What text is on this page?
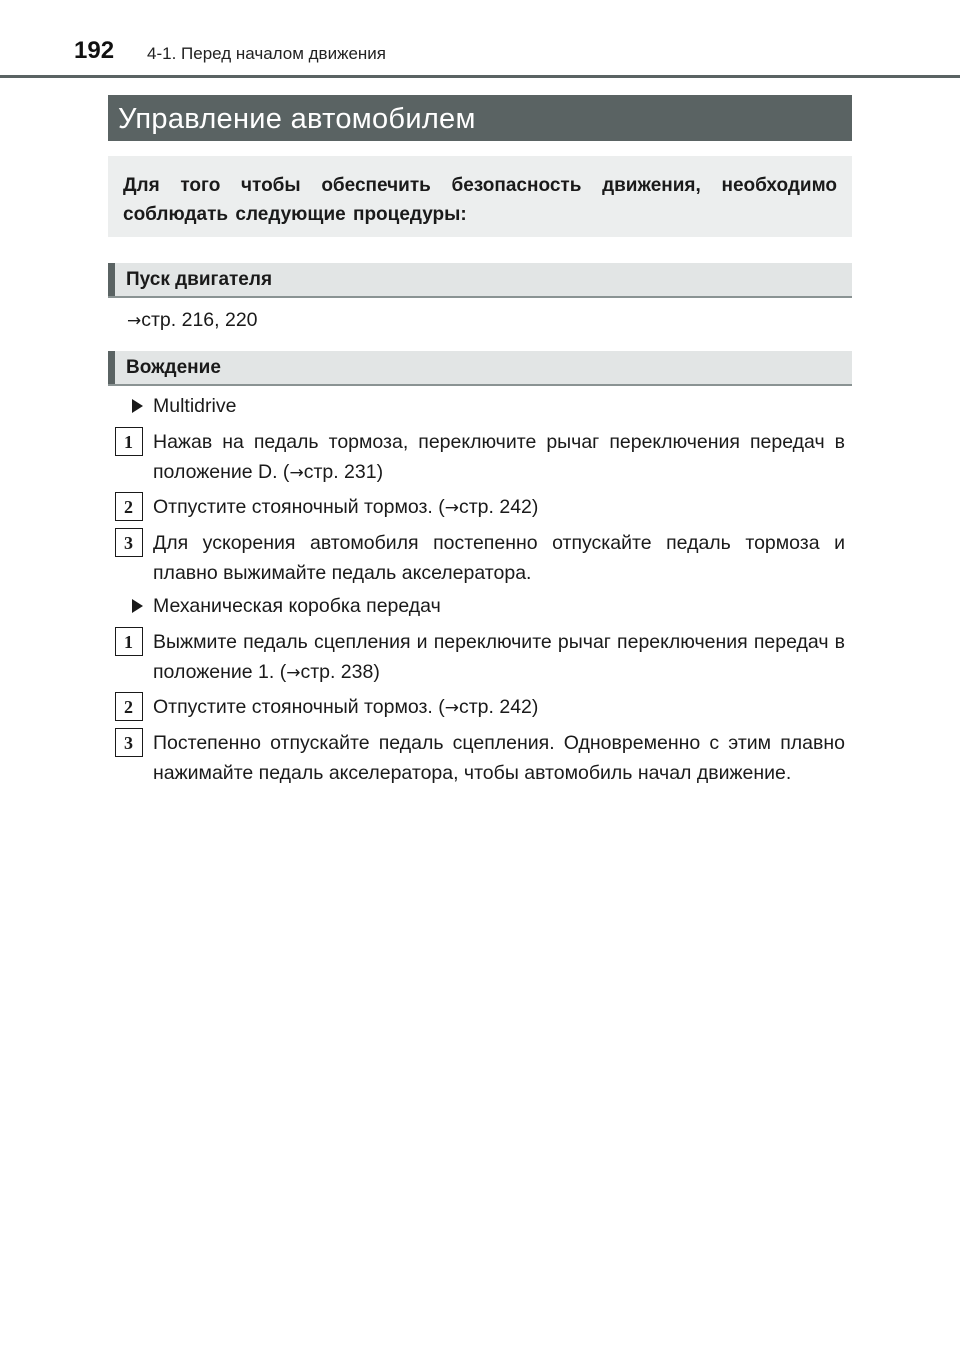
192 4-1. Перед началом движения
Управление автомобилем
Для того чтобы обеспечить безопасность движения, необходимо соблюдать следующие процедуры:
Пуск двигателя
→стр. 216, 220
Вождение
Multidrive
1	Нажав на педаль тормоза, переключите рычаг переключения передач в положение D. (→стр. 231)
2	Отпустите стояночный тормоз. (→стр. 242)
3	Для ускорения автомобиля постепенно отпускайте педаль тормоза и плавно выжимайте педаль акселератора.
Механическая коробка передач
1	Выжмите педаль сцепления и переключите рычаг переключения передач в положение 1. (→стр. 238)
2	Отпустите стояночный тормоз. (→стр. 242)
3	Постепенно отпускайте педаль сцепления. Одновременно с этим плавно нажимайте педаль акселератора, чтобы автомобиль начал движение.
